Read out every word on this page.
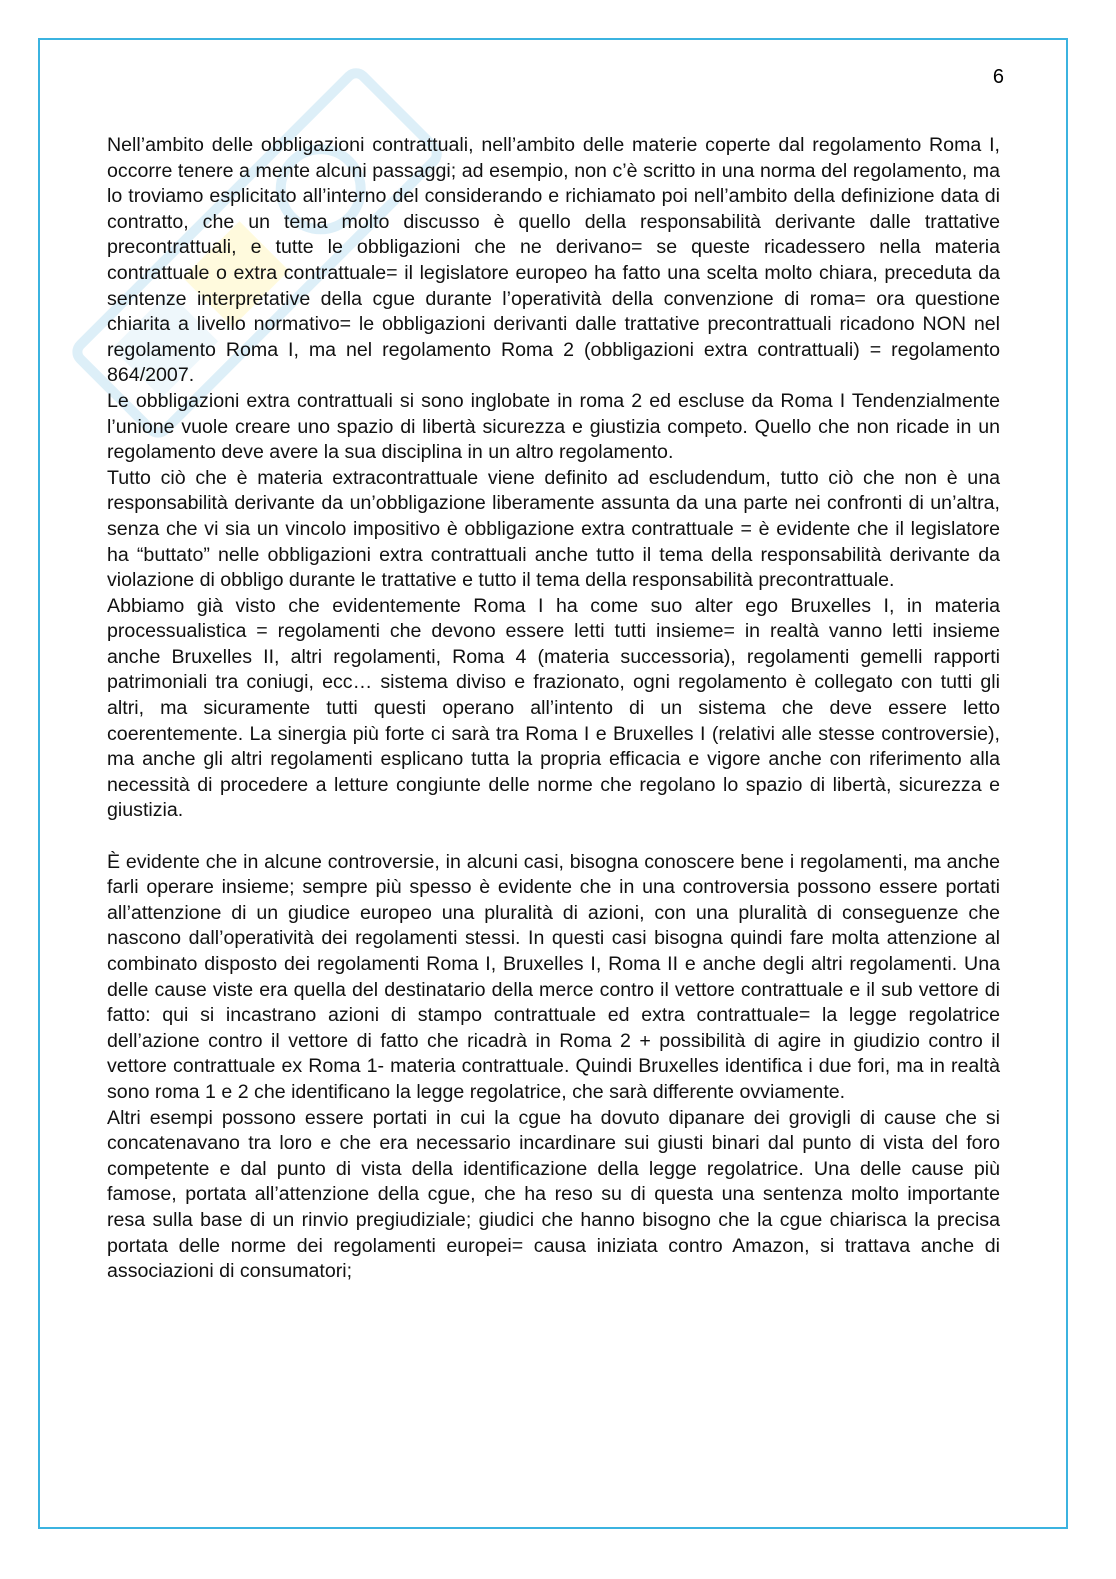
6

Nell’ambito delle obbligazioni contrattuali, nell’ambito delle materie coperte dal regolamento Roma I, occorre tenere a mente alcuni passaggi; ad esempio, non c’è scritto in una norma del regolamento, ma lo troviamo esplicitato all’interno del considerando e richiamato poi nell’ambito della definizione data di contratto, che un tema molto discusso è quello della responsabilità derivante dalle trattative precontrattuali, e tutte le obbligazioni che ne derivano= se queste ricadessero nella materia contrattuale o extra contrattuale= il legislatore europeo ha fatto una scelta molto chiara, preceduta da sentenze interpretative della cgue durante l’operatività della convenzione di roma= ora questione chiarita a livello normativo= le obbligazioni derivanti dalle trattative precontrattuali ricadono NON nel regolamento Roma I, ma nel regolamento Roma 2 (obbligazioni extra contrattuali) = regolamento 864/2007.

Le obbligazioni extra contrattuali si sono inglobate in roma 2 ed escluse da Roma I Tendenzialmente l’unione vuole creare uno spazio di libertà sicurezza e giustizia competo. Quello che non ricade in un regolamento deve avere la sua disciplina in un altro regolamento.

Tutto ciò che è materia extracontrattuale viene definito ad escludendum, tutto ciò che non è una responsabilità derivante da un’obbligazione liberamente assunta da una parte nei confronti di un’altra, senza che vi sia un vincolo impositivo è obbligazione extra contrattuale = è evidente che il legislatore ha “buttato” nelle obbligazioni extra contrattuali anche tutto il tema della responsabilità derivante da violazione di obbligo durante le trattative e tutto il tema della responsabilità precontrattuale.

Abbiamo già visto che evidentemente Roma I ha come suo alter ego Bruxelles I, in materia processualistica = regolamenti che devono essere letti tutti insieme= in realtà vanno letti insieme anche Bruxelles II, altri regolamenti, Roma 4 (materia successoria), regolamenti gemelli rapporti patrimoniali tra coniugi, ecc… sistema diviso e frazionato, ogni regolamento è collegato con tutti gli altri, ma sicuramente tutti questi operano all’intento di un sistema che deve essere letto coerentemente. La sinergia più forte ci sarà tra Roma I e Bruxelles I (relativi alle stesse controversie), ma anche gli altri regolamenti esplicano tutta la propria efficacia e vigore anche con riferimento alla necessità di procedere a letture congiunte delle norme che regolano lo spazio di libertà, sicurezza e giustizia.

È evidente che in alcune controversie, in alcuni casi, bisogna conoscere bene i regolamenti, ma anche farli operare insieme; sempre più spesso è evidente che in una controversia possono essere portati all’attenzione di un giudice europeo una pluralità di azioni, con una pluralità di conseguenze che nascono dall’operatività dei regolamenti stessi. In questi casi bisogna quindi fare molta attenzione al combinato disposto dei regolamenti Roma I, Bruxelles I, Roma II e anche degli altri regolamenti. Una delle cause viste era quella del destinatario della merce contro il vettore contrattuale e il sub vettore di fatto: qui si incastrano azioni di stampo contrattuale ed extra contrattuale= la legge regolatrice dell’azione contro il vettore di fatto che ricadrà in Roma 2 + possibilità di agire in giudizio contro il vettore contrattuale ex Roma 1- materia contrattuale. Quindi Bruxelles identifica i due fori, ma in realtà sono roma 1 e 2 che identificano la legge regolatrice, che sarà differente ovviamente.

Altri esempi possono essere portati in cui la cgue ha dovuto dipanare dei grovigli di cause che si concatenavano tra loro e che era necessario incardinare sui giusti binari dal punto di vista del foro competente e dal punto di vista della identificazione della legge regolatrice. Una delle cause più famose, portata all’attenzione della cgue, che ha reso su di questa una sentenza molto importante resa sulla base di un rinvio pregiudiziale; giudici che hanno bisogno che la cgue chiarisca la precisa portata delle norme dei regolamenti europei= causa iniziata contro Amazon, si trattava anche di associazioni di consumatori;
